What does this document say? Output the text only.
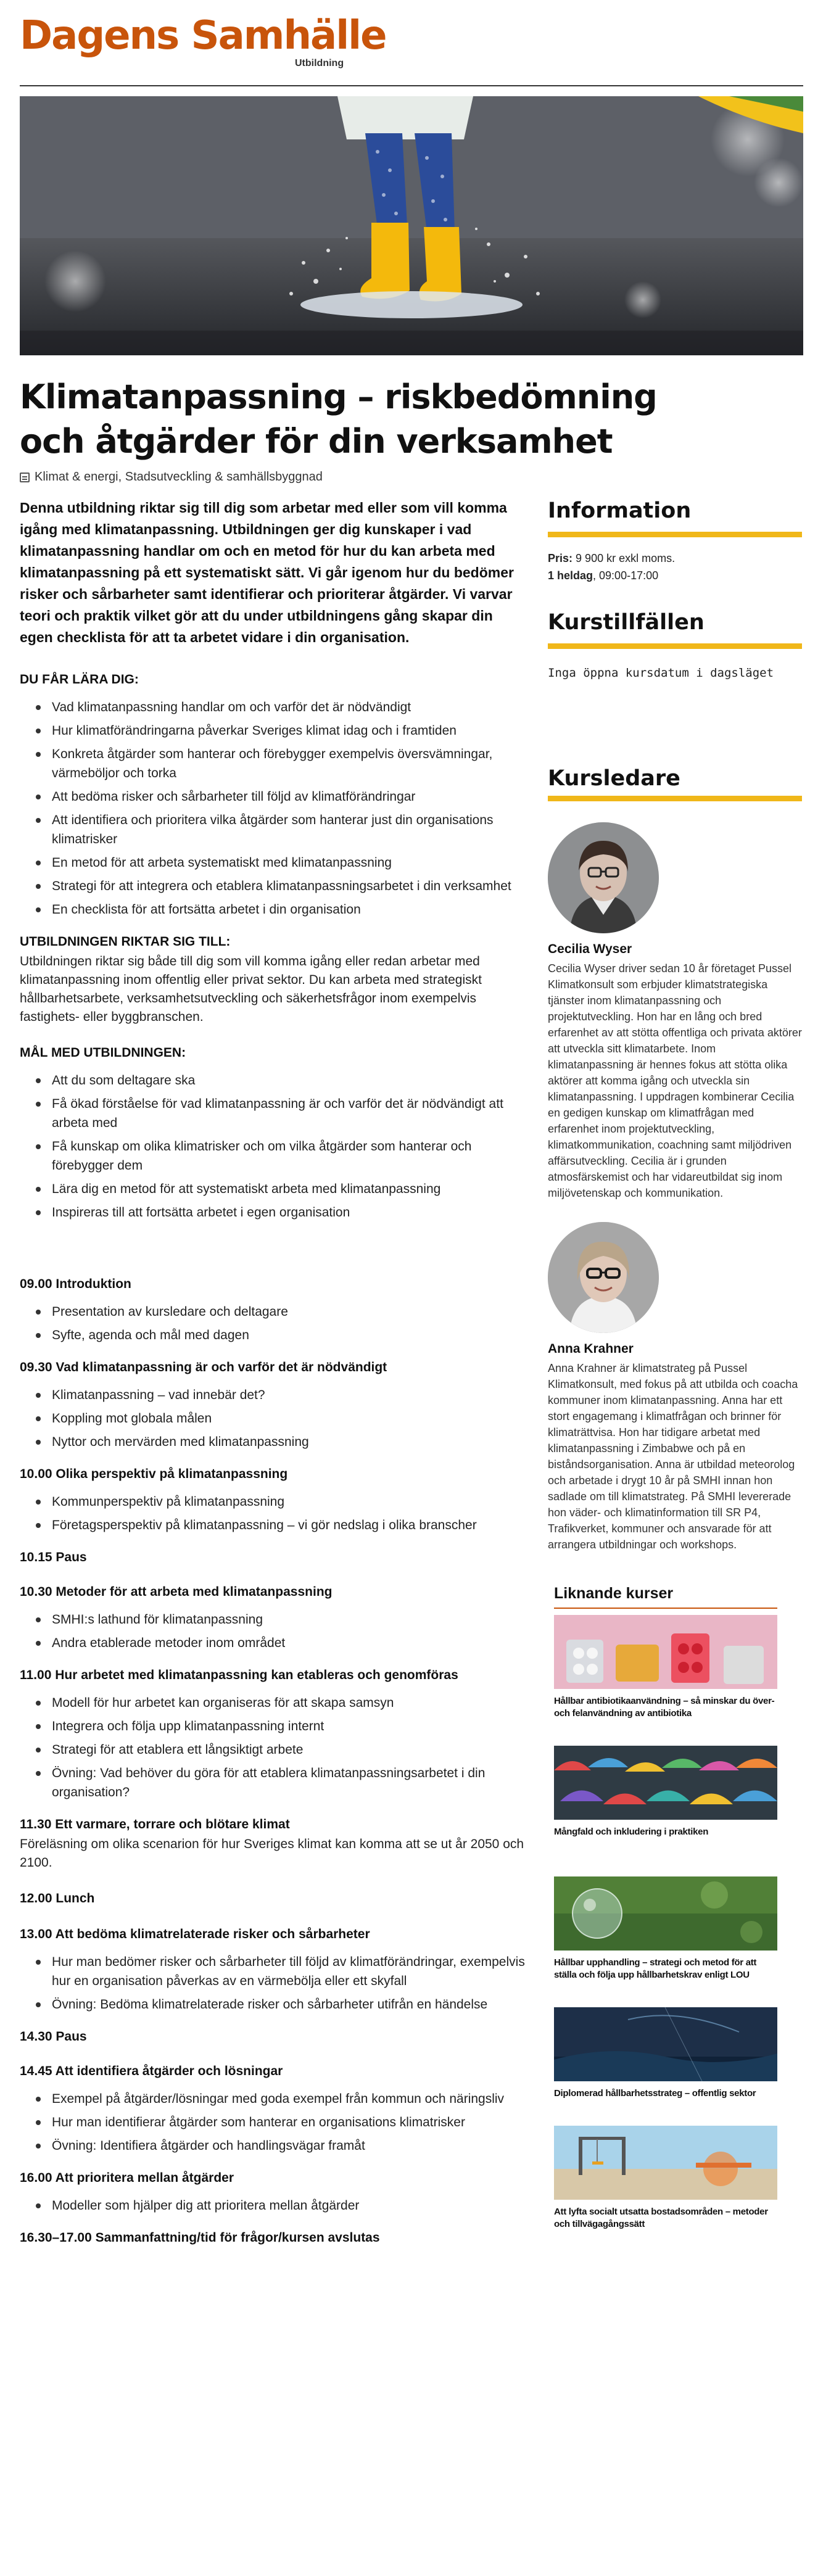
Dagens Samhälle
Utbildning
Klimatanpassning – riskbedömning och åtgärder för din verksamhet
Klimat & energi, Stadsutveckling & samhällsbyggnad

Denna utbildning riktar sig till dig som arbetar med eller som vill komma igång med klimatanpassning. Utbildningen ger dig kunskaper i vad klimatanpassning handlar om och en metod för hur du kan arbeta med klimatanpassning på ett systematiskt sätt. Vi går igenom hur du bedömer risker och sårbarheter samt identifierar och prioriterar åtgärder. Vi varvar teori och praktik vilket gör att du under utbildningens gång skapar din egen checklista för att ta arbetet vidare i din organisation.

DU FÅR LÄRA DIG:
Vad klimatanpassning handlar om och varför det är nödvändigt
Hur klimatförändringarna påverkar Sveriges klimat idag och i framtiden
Konkreta åtgärder som hanterar och förebygger exempelvis översvämningar, värmeböljor och torka
Att bedöma risker och sårbarheter till följd av klimatförändringar
Att identifiera och prioritera vilka åtgärder som hanterar just din organisations klimatrisker
En metod för att arbeta systematiskt med klimatanpassning
Strategi för att integrera och etablera klimatanpassningsarbetet i din verksamhet
En checklista för att fortsätta arbetet i din organisation
UTBILDNINGEN RIKTAR SIG TILL:

Utbildningen riktar sig både till dig som vill komma igång eller redan arbetar med klimatanpassning inom offentlig eller privat sektor. Du kan arbeta med strategiskt hållbarhetsarbete, verksamhetsutveckling och säkerhetsfrågor inom exempelvis fastighets- eller byggbranschen.

MÅL MED UTBILDNINGEN:
Att du som deltagare ska
Få ökad förståelse för vad klimatanpassning är och varför det är nödvändigt att arbeta med
Få kunskap om olika klimatrisker och om vilka åtgärder som hanterar och förebygger dem
Lära dig en metod för att systematiskt arbeta med klimatanpassning
Inspireras till att fortsätta arbetet i egen organisation
09.00 Introduktion
Presentation av kursledare och deltagare
Syfte, agenda och mål med dagen
09.30 Vad klimatanpassning är och varför det är nödvändigt
Klimatanpassning – vad innebär det?
Koppling mot globala målen
Nyttor och mervärden med klimatanpassning
10.00 Olika perspektiv på klimatanpassning
Kommunperspektiv på klimatanpassning
Företagsperspektiv på klimatanpassning – vi gör nedslag i olika branscher
10.15 Paus
10.30 Metoder för att arbeta med klimatanpassning
SMHI:s lathund för klimatanpassning
Andra etablerade metoder inom området
11.00 Hur arbetet med klimatanpassning kan etableras och genomföras
Modell för hur arbetet kan organiseras för att skapa samsyn
Integrera och följa upp klimatanpassning internt
Strategi för att etablera ett långsiktigt arbete
Övning: Vad behöver du göra för att etablera klimatanpassningsarbetet i din organisation?
11.30 Ett varmare, torrare och blötare klimat

Föreläsning om olika scenarion för hur Sveriges klimat kan komma att se ut år 2050 och 2100.

12.00 Lunch
13.00 Att bedöma klimatrelaterade risker och sårbarheter
Hur man bedömer risker och sårbarheter till följd av klimatförändringar, exempelvis hur en organisation påverkas av en värmebölja eller ett skyfall
Övning: Bedöma klimatrelaterade risker och sårbarheter utifrån en händelse
14.30 Paus
14.45 Att identifiera åtgärder och lösningar
Exempel på åtgärder/lösningar med goda exempel från kommun och näringsliv
Hur man identifierar åtgärder som hanterar en organisations klimatrisker
Övning: Identifiera åtgärder och handlingsvägar framåt
16.00 Att prioritera mellan åtgärder
Modeller som hjälper dig att prioritera mellan åtgärder
16.30–17.00 Sammanfattning/tid för frågor/kursen avslutas
Information
Pris: 9 900 kr exkl moms.
1 heldag, 09:00-17:00
Kurstillfällen
Inga öppna kursdatum i dagsläget
Kursledare
Cecilia Wyser

Cecilia Wyser driver sedan 10 år företaget Pussel Klimatkonsult som erbjuder klimatstrategiska tjänster inom klimatanpassning och projektutveckling. Hon har en lång och bred erfarenhet av att stötta offentliga och privata aktörer att utveckla sitt klimatarbete. Inom klimatanpassning är hennes fokus att stötta olika aktörer att komma igång och utveckla sin klimatanpassning. I uppdragen kombinerar Cecilia en gedigen kunskap om klimatfrågan med erfarenhet inom projektutveckling, klimatkommunikation, coachning samt miljödriven affärsutveckling. Cecilia är i grunden atmosfärskemist och har vidareutbildat sig inom miljövetenskap och kommunikation.

Anna Krahner

Anna Krahner är klimatstrateg på Pussel Klimatkonsult, med fokus på att utbilda och coacha kommuner inom klimatanpassning. Anna har ett stort engagemang i klimatfrågan och brinner för klimaträttvisa. Hon har tidigare arbetat med klimatanpassning i Zimbabwe och på en biståndsorganisation. Anna är utbildad meteorolog och arbetade i drygt 10 år på SMHI innan hon sadlade om till klimatstrateg. På SMHI levererade hon väder- och klimatinformation till SR P4, Trafikverket, kommuner och ansvarade för att arrangera utbildningar och workshops.

Liknande kurser
Hållbar antibiotikaanvändning – så minskar du över- och felanvändning av antibiotika
Mångfald och inkludering i praktiken
Hållbar upphandling – strategi och metod för att ställa och följa upp hållbarhetskrav enligt LOU
Diplomerad hållbarhetsstrateg – offentlig sektor
Att lyfta socialt utsatta bostadsområden – metoder och tillvägagångssätt
